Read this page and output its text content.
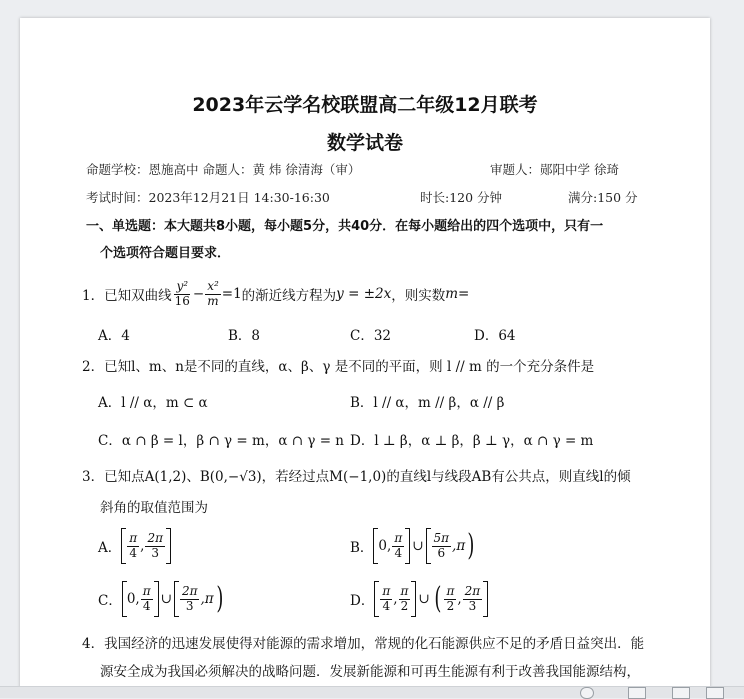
2023年云学名校联盟高二年级12月联考
数学试卷
命题学校：恩施高中 命题人：黄 炜 徐清海（审）	审题人：郧阳中学 徐琦
考试时间：2023年12月21日 14:30-16:30	时长:120 分钟	满分:150 分
一、单选题：本大题共8小题，每小题5分，共40分．在每小题给出的四个选项中，只有一
个选项符合题目要求．
1． 已知双曲线 $\frac{\text{y²}}{16} - \frac{\text{x²}}{m} =1$ 的渐近线方程为 y = ±2x ，则实数 m =
A．4	B．8	C．32	D．64
2．已知l、m、n是不同的直线，α、β、γ 是不同的平面，则 l // m 的一个充分条件是
A．l // α，m ⊂ α	B．l // α，m // β，α // β
C．α ∩ β = l，β ∩ γ = m，α ∩ γ = n D．l ⊥ β，α ⊥ β，β ⊥ γ，α ∩ γ = m
3．已知点A(1,2)、B(0,−√3)，若经过点M(−1,0)的直线l与线段AB有公共点，则直线l的倾
斜角的取值范围为
A． $\frac{\pi}{4}$ , $\frac{2\pi}{3}$	B． 0, $\frac{\pi}{4}$ ∪ $\frac{5\pi}{6} ,\pi$ )
C． 0, $\frac{\pi}{4}$ ∪ $\frac{2\pi}{3} ,\pi$ )	D． $\frac{\pi}{4}$ , $\frac{\pi}{2}$ ∪ ( $\frac{\pi}{2}$ , $\frac{2\pi}{3}$
4．我国经济的迅速发展使得对能源的需求增加，常规的化石能源供应不足的矛盾日益突出．能
源安全成为我国必须解决的战略问题．发展新能源和可再生能源有利于改善我国能源结构，
